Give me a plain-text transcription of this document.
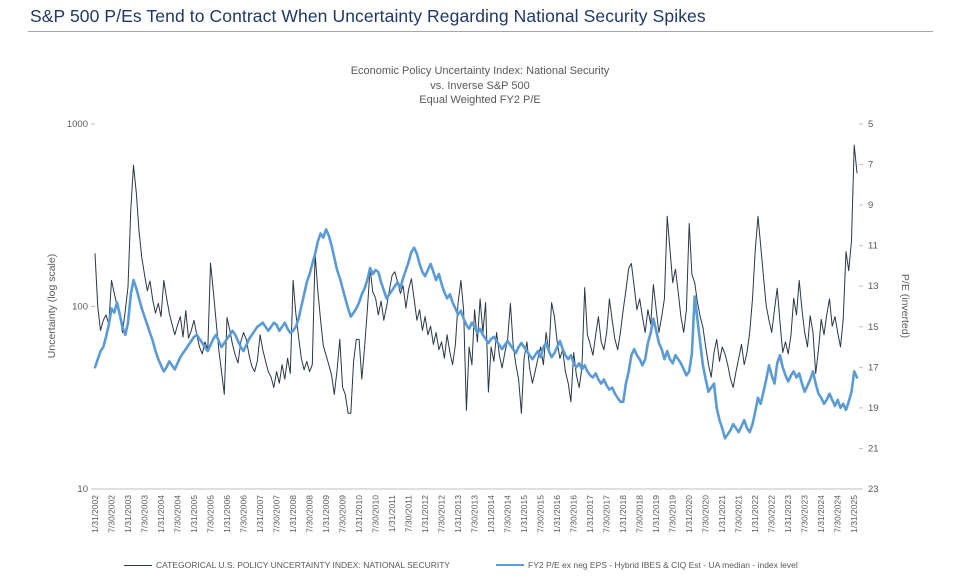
S&P 500 P/Es Tend to Contract When Uncertainty Regarding National Security Spikes
Economic Policy Uncertainty Index: National Security
vs. Inverse S&P 500
Equal Weighted FY2 P/E
1000
100
10
5
7
9
11
13
15
17
19
21
23
1/31/2002 7/30/2002 1/31/2003 7/30/2003 1/31/2004 7/30/2004 1/31/2005 7/30/2005 1/31/2006 7/30/2006 1/31/2007 7/30/2007 1/31/2008 7/30/2008 1/31/2009 7/30/2009 1/31/2010 7/30/2010 1/31/2011 7/30/2011 1/31/2012 7/30/2012 1/31/2013 7/30/2013 1/31/2014 7/30/2014 1/31/2015 7/30/2015 1/31/2016 7/30/2016 1/31/2017 7/30/2017 1/31/2018 7/30/2018 1/31/2019 7/30/2019 1/31/2020 7/30/2020 1/31/2021 7/30/2021 1/31/2022 7/30/2022 1/31/2023 7/30/2023 1/31/2024 7/30/2024 1/31/2025
Uncertainty (log scale)	P/E (inverted)
CATEGORICAL U.S. POLICY UNCERTAINTY INDEX: NATIONAL SECURITY	FY2 P/E ex neg EPS - Hybrid IBES & CIQ Est - UA median - index level
